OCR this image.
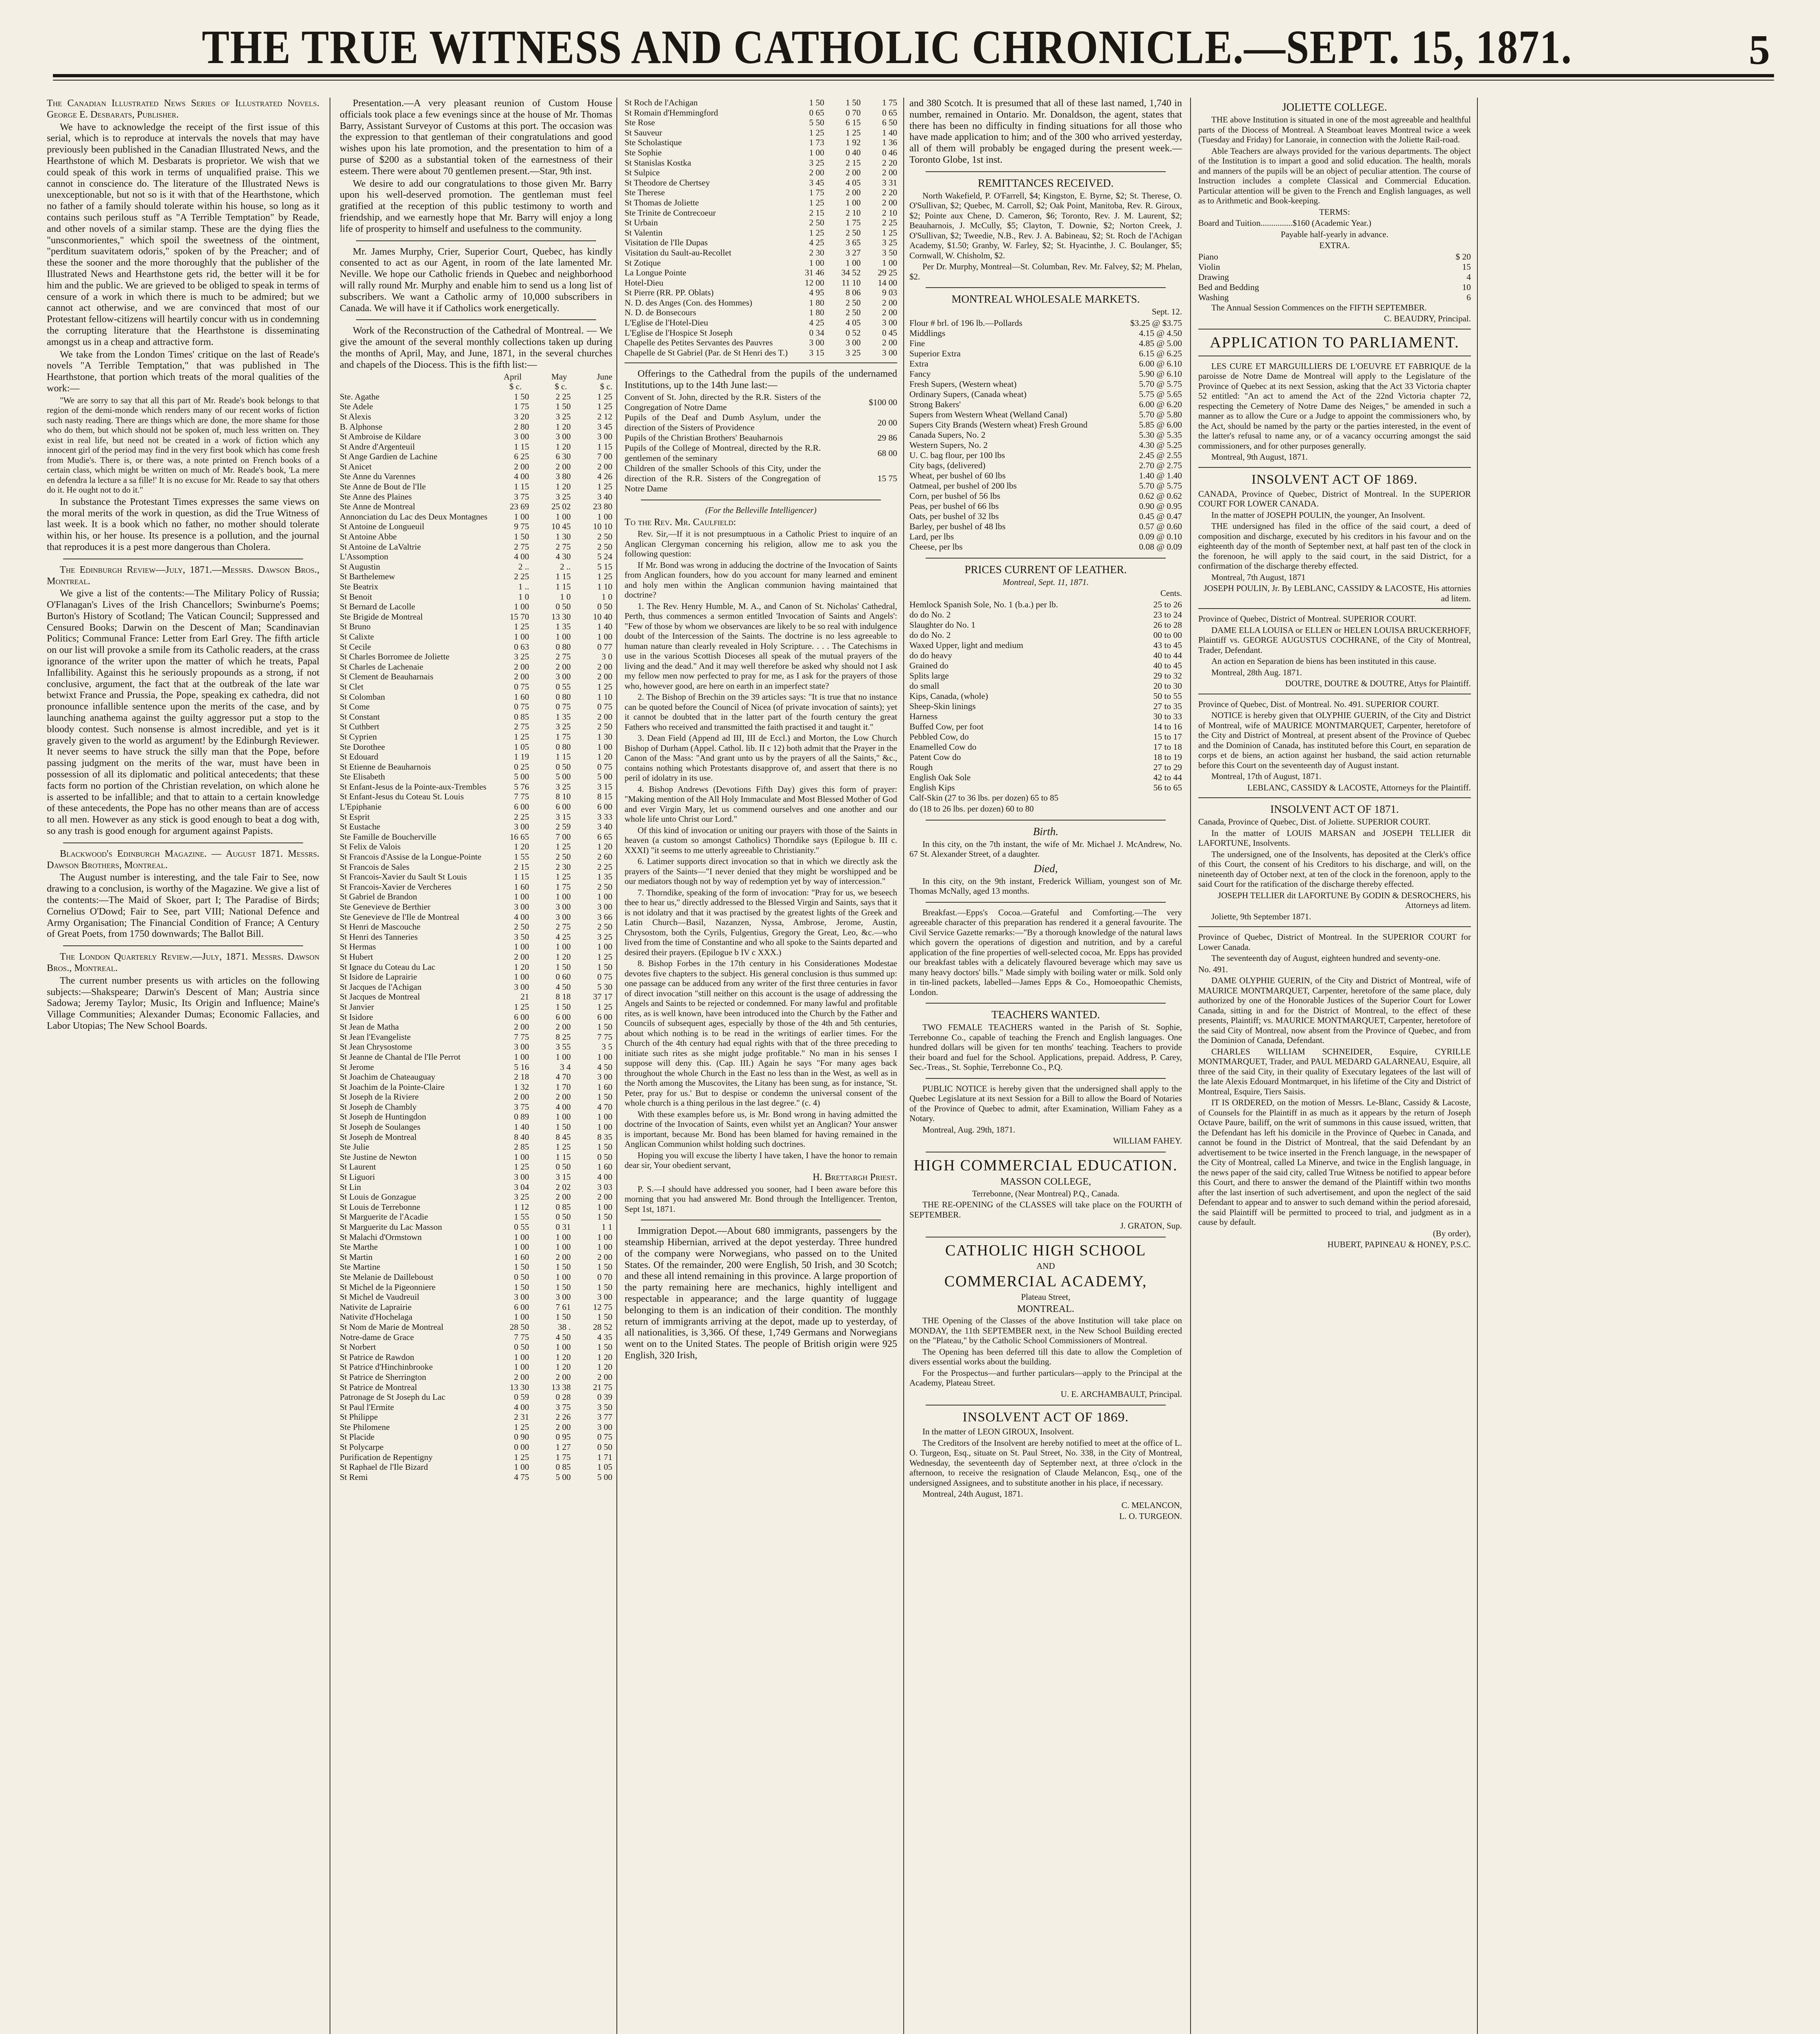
THE TRUE WITNESS AND CATHOLIC CHRONICLE.—SEPT. 15, 1871.	5

The Canadian Illustrated News Series of Illustrated Novels. George E. Desbarats, Publisher.

We have to acknowledge the receipt of the first issue of this serial, which is to reproduce at intervals the novels that may have previously been published in the Canadian Illustrated News, and the Hearthstone of which M. Desbarats is proprietor. We wish that we could speak of this work in terms of unqualified praise. This we cannot in conscience do. The literature of the Illustrated News is unexceptionable, but not so is it with that of the Hearthstone, which no father of a family should tolerate within his house, so long as it contains such perilous stuff as "A Terrible Temptation" by Reade, and other novels of a similar stamp. These are the dying flies the "unsconmorientes," which spoil the sweetness of the ointment, "perditum suavitatem odoris," spoken of by the Preacher; and of these the sooner and the more thoroughly that the publisher of the Illustrated News and Hearthstone gets rid, the better will it be for him and the public. We are grieved to be obliged to speak in terms of censure of a work in which there is much to be admired; but we cannot act otherwise, and we are convinced that most of our Protestant fellow-citizens will heartily concur with us in condemning the corrupting literature that the Hearthstone is disseminating amongst us in a cheap and attractive form.

We take from the London Times' critique on the last of Reade's novels "A Terrible Temptation," that was published in The Hearthstone, that portion which treats of the moral qualities of the work:—

"We are sorry to say that all this part of Mr. Reade's book belongs to that region of the demi-monde which renders many of our recent works of fiction such nasty reading. There are things which are done, the more shame for those who do them, but which should not be spoken of, much less written on. They exist in real life, but need not be created in a work of fiction which any innocent girl of the period may find in the very first book which has come fresh from Mudie's. There is, or there was, a note printed on French books of a certain class, which might be written on much of Mr. Reade's book, 'La mere en defendra la lecture a sa fille!' It is no excuse for Mr. Reade to say that others do it. He ought not to do it."

In substance the Protestant Times expresses the same views on the moral merits of the work in question, as did the True Witness of last week. It is a book which no father, no mother should tolerate within his, or her house. Its presence is a pollution, and the journal that reproduces it is a pest more dangerous than Cholera.

The Edinburgh Review—July, 1871.—Messrs. Dawson Bros., Montreal.

We give a list of the contents:—The Military Policy of Russia; O'Flanagan's Lives of the Irish Chancellors; Swinburne's Poems; Burton's History of Scotland; The Vatican Council; Suppressed and Censured Books; Darwin on the Descent of Man; Scandinavian Politics; Communal France: Letter from Earl Grey. The fifth article on our list will provoke a smile from its Catholic readers, at the crass ignorance of the writer upon the matter of which he treats, Papal Infallibility. Against this he seriously propounds as a strong, if not conclusive, argument, the fact that at the outbreak of the late war betwixt France and Prussia, the Pope, speaking ex cathedra, did not pronounce infallible sentence upon the merits of the case, and by launching anathema against the guilty aggressor put a stop to the bloody contest. Such nonsense is almost incredible, and yet is it gravely given to the world as argument! by the Edinburgh Reviewer. It never seems to have struck the silly man that the Pope, before passing judgment on the merits of the war, must have been in possession of all its diplomatic and political antecedents; that these facts form no portion of the Christian revelation, on which alone he is asserted to be infallible; and that to attain to a certain knowledge of these antecedents, the Pope has no other means than are of access to all men. However as any stick is good enough to beat a dog with, so any trash is good enough for argument against Papists.

Blackwood's Edinburgh Magazine. — August 1871. Messrs. Dawson Brothers, Montreal.

The August number is interesting, and the tale Fair to See, now drawing to a conclusion, is worthy of the Magazine. We give a list of the contents:—The Maid of Skoer, part I; The Paradise of Birds; Cornelius O'Dowd; Fair to See, part VIII; National Defence and Army Organisation; The Financial Condition of France; A Century of Great Poets, from 1750 downwards; The Ballot Bill.

The London Quarterly Review.—July, 1871. Messrs. Dawson Bros., Montreal.

The current number presents us with articles on the following subjects:—Shakspeare; Darwin's Descent of Man; Austria since Sadowa; Jeremy Taylor; Music, Its Origin and Influence; Maine's Village Communities; Alexander Dumas; Economic Fallacies, and Labor Utopias; The New School Boards.

Presentation.—A very pleasant reunion of Custom House officials took place a few evenings since at the house of Mr. Thomas Barry, Assistant Surveyor of Customs at this port. The occasion was the expression to that gentleman of their congratulations and good wishes upon his late promotion, and the presentation to him of a purse of $200 as a substantial token of the earnestness of their esteem. There were about 70 gentlemen present.—Star, 9th inst.

We desire to add our congratulations to those given Mr. Barry upon his well-deserved promotion. The gentleman must feel gratified at the reception of this public testimony to worth and friendship, and we earnestly hope that Mr. Barry will enjoy a long life of prosperity to himself and usefulness to the community.

Mr. James Murphy, Crier, Superior Court, Quebec, has kindly consented to act as our Agent, in room of the late lamented Mr. Neville. We hope our Catholic friends in Quebec and neighborhood will rally round Mr. Murphy and enable him to send us a long list of subscribers. We want a Catholic army of 10,000 subscribers in Canada. We will have it if Catholics work energetically.

Work of the Reconstruction of the Cathedral of Montreal. — We give the amount of the several monthly collections taken up during the months of April, May, and June, 1871, in the several churches and chapels of the Diocess. This is the fifth list:—

	April	May	June
	$ c.	$ c.	$ c.
Ste. Agathe	1 50	2 25	1 25
Ste Adele	1 75	1 50	1 25
St Alexis	3 20	3 25	2 12
B. Alphonse	2 80	1 20	3 45
St Ambroise de Kildare	3 00	3 00	3 00
St Andre d'Argenteuil	1 15	1 20	1 15
St Ange Gardien de Lachine	6 25	6 30	7 00
St Anicet	2 00	2 00	2 00
Ste Anne du Varennes	4 00	3 80	4 26
Ste Anne de Bout de l'Ile	1 15	1 20	1 25
Ste Anne des Plaines	3 75	3 25	3 40
Ste Anne de Montreal	23 69	25 02	23 80
Annonciation du Lac des Deux Montagnes	1 00	1 00	1 00
St Antoine de Longueuil	9 75	10 45	10 10
St Antoine Abbe	1 50	1 30	2 50
St Antoine de LaValtrie	2 75	2 75	2 50
L'Assomption	4 00	4 30	5 24
St Augustin	2 ..	2 ..	5 15
St Barthelemew	2 25	1 15	1 25
Ste Beatrix	1 ..	1 15	1 10
St Benoit	1 0	1 0	1 0
St Bernard de Lacolle	1 00	0 50	0 50
Ste Brigide de Montreal	15 70	13 30	10 40
St Bruno	1 25	1 35	1 40
St Calixte	1 00	1 00	1 00
St Cecile	0 63	0 80	0 77
St Charles Borromee de Joliette	3 25	2 75	3 0
St Charles de Lachenaie	2 00	2 00	2 00
St Clement de Beauharnais	2 00	3 00	2 00
St Clet	0 75	0 55	1 25
St Colomban	1 60	0 80	1 10
St Come	0 75	0 75	0 75
St Constant	0 85	1 35	2 00
St Cuthbert	2 75	3 25	2 50
St Cyprien	1 25	1 75	1 30
Ste Dorothee	1 05	0 80	1 00
St Edouard	1 19	1 15	1 20
St Etienne de Beauharnois	0 25	0 50	0 75
Ste Elisabeth	5 00	5 00	5 00
St Enfant-Jesus de la Pointe-aux-Trembles	5 76	3 25	3 15
St Enfant-Jesus du Coteau St. Louis	7 75	8 10	8 15
L'Epiphanie	6 00	6 00	6 00
St Esprit	2 25	3 15	3 33
St Eustache	3 00	2 59	3 40
Ste Famille de Boucherville	16 65	7 00	6 65
St Felix de Valois	1 20	1 25	1 20
St Francois d'Assise de la Longue-Pointe	1 55	2 50	2 60
St Francois de Sales	2 15	2 30	2 25
St Francois-Xavier du Sault St Louis	1 15	1 25	1 35
St Francois-Xavier de Vercheres	1 60	1 75	2 50
St Gabriel de Brandon	1 00	1 00	1 00
Ste Genevieve de Berthier	3 00	3 00	3 00
Ste Genevieve de l'Ile de Montreal	4 00	3 00	3 66
St Henri de Mascouche	2 50	2 75	2 50
St Henri des Tanneries	3 50	4 25	3 25
St Hermas	1 00	1 00	1 00
St Hubert	2 00	1 20	1 25
St Ignace du Coteau du Lac	1 20	1 50	1 50
St Isidore de Laprairie	1 00	0 60	0 75
St Jacques de l'Achigan	3 00	4 50	5 30
St Jacques de Montreal	21	8 18	37 17
St Janvier	1 25	1 50	1 25
St Isidore	6 00	6 00	6 00
St Jean de Matha	2 00	2 00	1 50
St Jean l'Evangeliste	7 75	8 25	7 75
St Jean Chrysostome	3 00	3 55	3 5
St Jeanne de Chantal de l'Ile Perrot	1 00	1 00	1 00
St Jerome	5 16	3 4	4 50
St Joachim de Chateauguay	2 18	4 70	3 00
St Joachim de la Pointe-Claire	1 32	1 70	1 60
St Joseph de la Riviere	2 00	2 00	1 50
St Joseph de Chambly	3 75	4 00	4 70
St Joseph de Huntingdon	0 89	1 00	1 00
St Joseph de Soulanges	1 40	1 50	1 00
St Joseph de Montreal	8 40	8 45	8 35
Ste Julie	2 85	1 25	1 50
Ste Justine de Newton	1 00	1 15	0 50
St Laurent	1 25	0 50	1 60
St Liguori	3 00	3 15	4 00
St Lin	3 04	2 02	3 03
St Louis de Gonzague	3 25	2 00	2 00
St Louis de Terrebonne	1 12	0 85	1 00
St Marguerite de l'Acadie	1 55	0 50	1 50
St Marguerite du Lac Masson	0 55	0 31	1 1
St Malachi d'Ormstown	1 00	1 00	1 00
Ste Marthe	1 00	1 00	1 00
St Martin	1 60	2 00	2 00
Ste Martine	1 50	1 50	1 50
Ste Melanie de Dailleboust	0 50	1 00	0 70
St Michel de la Pigeonniere	1 50	1 50	1 50
St Michel de Vaudreuil	3 00	3 00	3 00
Nativite de Laprairie	6 00	7 61	12 75
Nativite d'Hochelaga	1 00	1 50	1 50
St Nom de Marie de Montreal	28 50	38 .	28 52
Notre-dame de Grace	7 75	4 50	4 35
St Norbert	0 50	1 00	1 50
St Patrice de Rawdon	1 00	1 20	1 20
St Patrice d'Hinchinbrooke	1 00	1 20	1 20
St Patrice de Sherrington	2 00	2 00	2 00
St Patrice de Montreal	13 30	13 38	21 75
Patronage de St Joseph du Lac	0 59	0 28	0 39
St Paul l'Ermite	4 00	3 75	3 50
St Philippe	2 31	2 26	3 77
Ste Philomene	1 25	2 00	3 00
St Placide	0 90	0 95	0 75
St Polycarpe	0 00	1 27	0 50
Purification de Repentigny	1 25	1 75	1 71
St Raphael de l'Ile Bizard	1 00	0 85	1 05
St Remi	4 75	5 00	5 00
St Roch de l'Achigan	1 50	1 50	1 75
St Romain d'Hemmingford	0 65	0 70	0 65
Ste Rose	5 50	6 15	6 50
St Sauveur	1 25	1 25	1 40
Ste Scholastique	1 73	1 92	1 36
Ste Sophie	1 00	0 40	0 46
St Stanislas Kostka	3 25	2 15	2 20
St Sulpice	2 00	2 00	2 00
St Theodore de Chertsey	3 45	4 05	3 31
Ste Therese	1 75	2 00	2 20
St Thomas de Joliette	1 25	1 00	2 00
Ste Trinite de Contrecoeur	2 15	2 10	2 10
St Urbain	2 50	1 75	2 25
St Valentin	1 25	2 50	1 25
Visitation de l'Ile Dupas	4 25	3 65	3 25
Visitation du Sault-au-Recollet	2 30	3 27	3 50
St Zotique	1 00	1 00	1 00
La Longue Pointe	31 46	34 52	29 25
Hotel-Dieu	12 00	11 10	14 00
St Pierre (RR. PP. Oblats)	4 95	8 06	9 03
N. D. des Anges (Con. des Hommes)	1 80	2 50	2 00
N. D. de Bonsecours	1 80	2 50	2 00
L'Eglise de l'Hotel-Dieu	4 25	4 05	3 00
L'Eglise de l'Hospice St Joseph	0 34	0 52	0 45
Chapelle des Petites Servantes des Pauvres	3 00	3 00	2 00
Chapelle de St Gabriel (Par. de St Henri des T.)	3 15	3 25	3 00

Offerings to the Cathedral from the pupils of the undernamed Institutions, up to the 14th June last:—

Convent of St. John, directed by the R.R. Sisters of the Congregation of Notre Dame	$100 00
Pupils of the Deaf and Dumb Asylum, under the direction of the Sisters of Providence	20 00
Pupils of the Christian Brothers' Beauharnois	29 86
Pupils of the College of Montreal, directed by the R.R. gentlemen of the seminary	68 00
Children of the smaller Schools of this City, under the direction of the R.R. Sisters of the Congregation of Notre Dame	15 75

(For the Belleville Intelligencer)

To the Rev. Mr. Caulfield:

Rev. Sir,—If it is not presumptuous in a Catholic Priest to inquire of an Anglican Clergyman concerning his religion, allow me to ask you the following question:

If Mr. Bond was wrong in adducing the doctrine of the Invocation of Saints from Anglican founders, how do you account for many learned and eminent and holy men within the Anglican communion having maintained that doctrine?

1. The Rev. Henry Humble, M. A., and Canon of St. Nicholas' Cathedral, Perth, thus commences a sermon entitled 'Invocation of Saints and Angels': "Few of those by whom we observances are likely to be so real with indulgence doubt of the Intercession of the Saints. The doctrine is no less agreeable to human nature than clearly revealed in Holy Scripture. . . . The Catechisms in use in the various Scottish Dioceses all speak of the mutual prayers of the living and the dead." And it may well therefore be asked why should not I ask my fellow men now perfected to pray for me, as I ask for the prayers of those who, however good, are here on earth in an imperfect state?

2. The Bishop of Brechin on the 39 articles says: "It is true that no instance can be quoted before the Council of Nicea (of private invocation of saints); yet it cannot be doubted that in the latter part of the fourth century the great Fathers who received and transmitted the faith practised it and taught it."

3. Dean Field (Append ad III, III de Eccl.) and Morton, the Low Church Bishop of Durham (Appel. Cathol. lib. II c 12) both admit that the Prayer in the Canon of the Mass: "And grant unto us by the prayers of all the Saints," &c., contains nothing which Protestants disapprove of, and assert that there is no peril of idolatry in its use.

4. Bishop Andrews (Devotions Fifth Day) gives this form of prayer: "Making mention of the All Holy Immaculate and Most Blessed Mother of God and ever Virgin Mary, let us commend ourselves and one another and our whole life unto Christ our Lord."

Of this kind of invocation or uniting our prayers with those of the Saints in heaven (a custom so amongst Catholics) Thorndike says (Epilogue b. III c. XXXI) "it seems to me utterly agreeable to Christianity."

6. Latimer supports direct invocation so that in which we directly ask the prayers of the Saints—"I never denied that they might be worshipped and be our mediators though not by way of redemption yet by way of intercession."

7. Thorndike, speaking of the form of invocation: "Pray for us, we beseech thee to hear us," directly addressed to the Blessed Virgin and Saints, says that it is not idolatry and that it was practised by the greatest lights of the Greek and Latin Church—Basil, Nazanzen, Nyssa, Ambrose, Jerome, Austin, Chrysostom, both the Cyrils, Fulgentius, Gregory the Great, Leo, &c.—who lived from the time of Constantine and who all spoke to the Saints departed and desired their prayers. (Epilogue b IV c XXX.)

8. Bishop Forbes in the 17th century in his Considerationes Modestae devotes five chapters to the subject. His general conclusion is thus summed up: one passage can be adduced from any writer of the first three centuries in favor of direct invocation "still neither on this account is the usage of addressing the Angels and Saints to be rejected or condemned. For many lawful and profitable rites, as is well known, have been introduced into the Church by the Father and Councils of subsequent ages, especially by those of the 4th and 5th centuries, about which nothing is to be read in the writings of earlier times. For the Church of the 4th century had equal rights with that of the three preceding to initiate such rites as she might judge profitable." No man in his senses I suppose will deny this. (Cap. III.) Again he says "For many ages back throughout the whole Church in the East no less than in the West, as well as in the North among the Muscovites, the Litany has been sung, as for instance, 'St. Peter, pray for us.' But to despise or condemn the universal consent of the whole church is a thing perilous in the last degree." (c. 4)

With these examples before us, is Mr. Bond wrong in having admitted the doctrine of the Invocation of Saints, even whilst yet an Anglican? Your answer is important, because Mr. Bond has been blamed for having remained in the Anglican Communion whilst holding such doctrines.

Hoping you will excuse the liberty I have taken, I have the honor to remain dear sir, Your obedient servant,

H. Brettargh Priest.

P. S.—I should have addressed you sooner, had I been aware before this morning that you had answered Mr. Bond through the Intelligencer. Trenton, Sept 1st, 1871.

Immigration Depot.—About 680 immigrants, passengers by the steamship Hibernian, arrived at the depot yesterday. Three hundred of the company were Norwegians, who passed on to the United States. Of the remainder, 200 were English, 50 Irish, and 30 Scotch; and these all intend remaining in this province. A large proportion of the party remaining here are mechanics, highly intelligent and respectable in appearance; and the large quantity of luggage belonging to them is an indication of their condition. The monthly return of immigrants arriving at the depot, made up to yesterday, of all nationalities, is 3,366. Of these, 1,749 Germans and Norwegians went on to the United States. The people of British origin were 925 English, 320 Irish,

and 380 Scotch. It is presumed that all of these last named, 1,740 in number, remained in Ontario. Mr. Donaldson, the agent, states that there has been no difficulty in finding situations for all those who have made application to him; and of the 300 who arrived yesterday, all of them will probably be engaged during the present week.—Toronto Globe, 1st inst.

REMITTANCES RECEIVED.

North Wakefield, P. O'Farrell, $4; Kingston, E. Byrne, $2; St. Therese, O. O'Sullivan, $2; Quebec, M. Carroll, $2; Oak Point, Manitoba, Rev. R. Giroux, $2; Pointe aux Chene, D. Cameron, $6; Toronto, Rev. J. M. Laurent, $2; Beauharnois, J. McCully, $5; Clayton, T. Downie, $2; Norton Creek, J. O'Sullivan, $2; Tweedie, N.B., Rev. J. A. Babineau, $2; St. Roch de l'Achigan Academy, $1.50; Granby, W. Farley, $2; St. Hyacinthe, J. C. Boulanger, $5; Cornwall, W. Chisholm, $2.

Per Dr. Murphy, Montreal—St. Columban, Rev. Mr. Falvey, $2; M. Phelan, $2.

MONTREAL WHOLESALE MARKETS.

Sept. 12.

Flour # brl. of 196 lb.—Pollards	$3.25 @ $3.75
Middlings	4.15 @ 4.50
Fine	4.85 @ 5.00
Superior Extra	6.15 @ 6.25
Extra	6.00 @ 6.10
Fancy	5.90 @ 6.10
Fresh Supers, (Western wheat)	5.70 @ 5.75
Ordinary Supers, (Canada wheat)	5.75 @ 5.65
Strong Bakers'	6.00 @ 6.20
Supers from Western Wheat (Welland Canal)	5.70 @ 5.80
Supers City Brands (Western wheat) Fresh Ground	5.85 @ 6.00
Canada Supers, No. 2	5.30 @ 5.35
Western Supers, No. 2	4.30 @ 5.25
U. C. bag flour, per 100 lbs	2.45 @ 2.55
City bags, (delivered)	2.70 @ 2.75
Wheat, per bushel of 60 lbs	1.40 @ 1.40
Oatmeal, per bushel of 200 lbs	5.70 @ 5.75
Corn, per bushel of 56 lbs	0.62 @ 0.62
Peas, per bushel of 66 lbs	0.90 @ 0.95
Oats, per bushel of 32 lbs	0.45 @ 0.47
Barley, per bushel of 48 lbs	0.57 @ 0.60
Lard, per lbs	0.09 @ 0.10
Cheese, per lbs	0.08 @ 0.09
PRICES CURRENT OF LEATHER.

Montreal, Sept. 11, 1871.

Cents.

Hemlock Spanish Sole, No. 1 (b.a.) per lb.	25 to 26
do do No. 2	23 to 24
Slaughter do No. 1	26 to 28
do do No. 2	00 to 00
Waxed Upper, light and medium	43 to 45
do do heavy	40 to 44
Grained do	40 to 45
Splits large	29 to 32
do small	20 to 30
Kips, Canada, (whole)	50 to 55
Sheep-Skin linings	27 to 35
Harness	30 to 33
Buffed Cow, per foot	14 to 16
Pebbled Cow, do	15 to 17
Enamelled Cow do	17 to 18
Patent Cow do	18 to 19
Rough	27 to 29
English Oak Sole	42 to 44
English Kips	56 to 65

Calf-Skin (27 to 36 lbs. per dozen) 65 to 85

do (18 to 26 lbs. per dozen) 60 to 80

Birth.

In this city, on the 7th instant, the wife of Mr. Michael J. McAndrew, No. 67 St. Alexander Street, of a daughter.

Died,

In this city, on the 9th instant, Frederick William, youngest son of Mr. Thomas McNally, aged 13 months.

Breakfast.—Epps's Cocoa.—Grateful and Comforting.—The very agreeable character of this preparation has rendered it a general favourite. The Civil Service Gazette remarks:—"By a thorough knowledge of the natural laws which govern the operations of digestion and nutrition, and by a careful application of the fine properties of well-selected cocoa, Mr. Epps has provided our breakfast tables with a delicately flavoured beverage which may save us many heavy doctors' bills." Made simply with boiling water or milk. Sold only in tin-lined packets, labelled—James Epps & Co., Homoeopathic Chemists, London.

TEACHERS WANTED.

TWO FEMALE TEACHERS wanted in the Parish of St. Sophie, Terrebonne Co., capable of teaching the French and English languages. One hundred dollars will be given for ten months' teaching. Teachers to provide their board and fuel for the School. Applications, prepaid. Address, P. Carey, Sec.-Treas., St. Sophie, Terrebonne Co., P.Q.

PUBLIC NOTICE is hereby given that the undersigned shall apply to the Quebec Legislature at its next Session for a Bill to allow the Board of Notaries of the Province of Quebec to admit, after Examination, William Fahey as a Notary.

Montreal, Aug. 29th, 1871.

WILLIAM FAHEY.

HIGH COMMERCIAL EDUCATION.

MASSON COLLEGE,

Terrebonne, (Near Montreal) P.Q., Canada.

THE RE-OPENING of the CLASSES will take place on the FOURTH of SEPTEMBER.

J. GRATON, Sup.

CATHOLIC HIGH SCHOOL

AND

COMMERCIAL ACADEMY,

Plateau Street,

MONTREAL.

THE Opening of the Classes of the above Institution will take place on MONDAY, the 11th SEPTEMBER next, in the New School Building erected on the "Plateau," by the Catholic School Commissioners of Montreal.

The Opening has been deferred till this date to allow the Completion of divers essential works about the building.

For the Prospectus—and further particulars—apply to the Principal at the Academy, Plateau Street.

U. E. ARCHAMBAULT, Principal.

INSOLVENT ACT OF 1869.

In the matter of LEON GIROUX, Insolvent.

The Creditors of the Insolvent are hereby notified to meet at the office of L. O. Turgeon, Esq., situate on St. Paul Street, No. 338, in the City of Montreal, Wednesday, the seventeenth day of September next, at three o'clock in the afternoon, to receive the resignation of Claude Melancon, Esq., one of the undersigned Assignees, and to substitute another in his place, if necessary.

Montreal, 24th August, 1871.

C. MELANCON,

L. O. TURGEON.

JOLIETTE COLLEGE.

THE above Institution is situated in one of the most agreeable and healthful parts of the Diocess of Montreal. A Steamboat leaves Montreal twice a week (Tuesday and Friday) for Lanoraie, in connection with the Joliette Rail-road.

Able Teachers are always provided for the various departments. The object of the Institution is to impart a good and solid education. The health, morals and manners of the pupils will be an object of peculiar attention. The course of Instruction includes a complete Classical and Commercial Education. Particular attention will be given to the French and English languages, as well as to Arithmetic and Book-keeping.

TERMS:

Board and Tuition...............$160 (Academic Year.)

Payable half-yearly in advance.

EXTRA.

Piano	$ 20
Violin	15
Drawing	4
Bed and Bedding	10
Washing	6

The Annual Session Commences on the FIFTH SEPTEMBER.

C. BEAUDRY, Principal.

APPLICATION TO PARLIAMENT.

LES CURE ET MARGUILLIERS DE L'OEUVRE ET FABRIQUE de la paroisse de Notre Dame de Montreal will apply to the Legislature of the Province of Quebec at its next Session, asking that the Act 33 Victoria chapter 52 entitled: "An act to amend the Act of the 22nd Victoria chapter 72, respecting the Cemetery of Notre Dame des Neiges," be amended in such a manner as to allow the Cure or a Judge to appoint the commissioners who, by the Act, should be named by the party or the parties interested, in the event of the latter's refusal to name any, or of a vacancy occurring amongst the said commissioners, and for other purposes generally.

Montreal, 9th August, 1871.

INSOLVENT ACT OF 1869.

CANADA, Province of Quebec, District of Montreal. In the SUPERIOR COURT FOR LOWER CANADA.

In the matter of JOSEPH POULIN, the younger, An Insolvent.

THE undersigned has filed in the office of the said court, a deed of composition and discharge, executed by his creditors in his favour and on the eighteenth day of the month of September next, at half past ten of the clock in the forenoon, he will apply to the said court, in the said District, for a confirmation of the discharge thereby effected.

Montreal, 7th August, 1871

JOSEPH POULIN, Jr. By LEBLANC, CASSIDY & LACOSTE, His attornies ad litem.

Province of Quebec, District of Montreal. SUPERIOR COURT.

DAME ELLA LOUISA or ELLEN or HELEN LOUISA BRUCKERHOFF, Plaintiff vs. GEORGE AUGUSTUS COCHRANE, of the City of Montreal, Trader, Defendant.

An action en Separation de biens has been instituted in this cause.

Montreal, 28th Aug. 1871.

DOUTRE, DOUTRE & DOUTRE, Attys for Plaintiff.

Province of Quebec, Dist. of Montreal. No. 491. SUPERIOR COURT.

NOTICE is hereby given that OLYPHIE GUERIN, of the City and District of Montreal, wife of MAURICE MONTMARQUET, Carpenter, heretofore of the City and District of Montreal, at present absent of the Province of Quebec and the Dominion of Canada, has instituted before this Court, en separation de corps et de biens, an action against her husband, the said action returnable before this Court on the seventeenth day of August instant.

Montreal, 17th of August, 1871.

LEBLANC, CASSIDY & LACOSTE, Attorneys for the Plaintiff.

INSOLVENT ACT OF 1871.

Canada, Province of Quebec, Dist. of Joliette. SUPERIOR COURT.

In the matter of LOUIS MARSAN and JOSEPH TELLIER dit LAFORTUNE, Insolvents.

The undersigned, one of the Insolvents, has deposited at the Clerk's office of this Court, the consent of his Creditors to his discharge, and will, on the nineteenth day of October next, at ten of the clock in the forenoon, apply to the said Court for the ratification of the discharge thereby effected.

JOSEPH TELLIER dit LAFORTUNE By GODIN & DESROCHERS, his Attorneys ad litem.

Joliette, 9th September 1871.

Province of Quebec, District of Montreal. In the SUPERIOR COURT for Lower Canada.

The seventeenth day of August, eighteen hundred and seventy-one.

No. 491.

DAME OLYPHIE GUERIN, of the City and District of Montreal, wife of MAURICE MONTMARQUET, Carpenter, heretofore of the same place, duly authorized by one of the Honorable Justices of the Superior Court for Lower Canada, sitting in and for the District of Montreal, to the effect of these presents, Plaintiff; vs. MAURICE MONTMARQUET, Carpenter, heretofore of the said City of Montreal, now absent from the Province of Quebec, and from the Dominion of Canada, Defendant.

CHARLES WILLIAM SCHNEIDER, Esquire, CYRILLE MONTMARQUET, Trader, and PAUL MEDARD GALARNEAU, Esquire, all three of the said City, in their quality of Executary legatees of the last will of the late Alexis Edouard Montmarquet, in his lifetime of the City and District of Montreal, Esquire, Tiers Saisis.

IT IS ORDERED, on the motion of Messrs. Le-Blanc, Cassidy & Lacoste, of Counsels for the Plaintiff in as much as it appears by the return of Joseph Octave Paure, bailiff, on the writ of summons in this cause issued, written, that the Defendant has left his domicile in the Province of Quebec in Canada, and cannot be found in the District of Montreal, that the said Defendant by an advertisement to be twice inserted in the French language, in the newspaper of the City of Montreal, called La Minerve, and twice in the English language, in the news paper of the said city, called True Witness be notified to appear before this Court, and there to answer the demand of the Plaintiff within two months after the last insertion of such advertisement, and upon the neglect of the said Defendant to appear and to answer to such demand within the period aforesaid, the said Plaintiff will be permitted to proceed to trial, and judgment as in a cause by default.

(By order),

HUBERT, PAPINEAU & HONEY, P.S.C.
